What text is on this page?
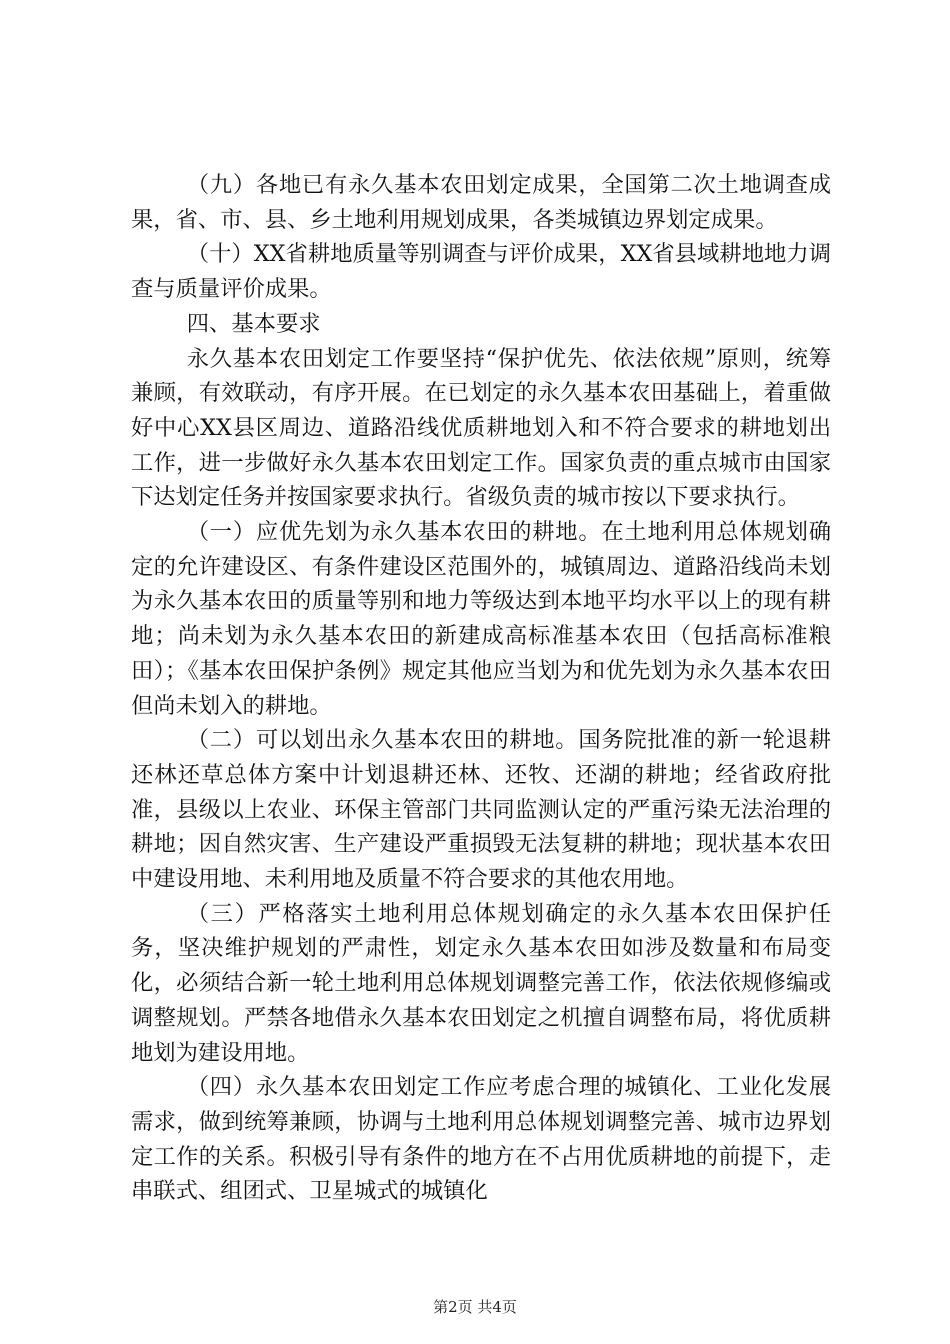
（九）各地已有永久基本农田划定成果，全国第二次土地调查成果，省、市、县、乡土地利用规划成果，各类城镇边界划定成果。

（十）XX省耕地质量等别调查与评价成果，XX省县域耕地地力调查与质量评价成果。

四、基本要求

永久基本农田划定工作要坚持“保护优先、依法依规”原则，统筹兼顾，有效联动，有序开展。在已划定的永久基本农田基础上，着重做好中心XX县区周边、道路沿线优质耕地划入和不符合要求的耕地划出工作，进一步做好永久基本农田划定工作。国家负责的重点城市由国家下达划定任务并按国家要求执行。省级负责的城市按以下要求执行。

（一）应优先划为永久基本农田的耕地。在土地利用总体规划确定的允许建设区、有条件建设区范围外的，城镇周边、道路沿线尚未划为永久基本农田的质量等别和地力等级达到本地平均水平以上的现有耕地；尚未划为永久基本农田的新建成高标准基本农田（包括高标准粮田）；《基本农田保护条例》规定其他应当划为和优先划为永久基本农田但尚未划入的耕地。

（二）可以划出永久基本农田的耕地。国务院批准的新一轮退耕还林还草总体方案中计划退耕还林、还牧、还湖的耕地；经省政府批准，县级以上农业、环保主管部门共同监测认定的严重污染无法治理的耕地；因自然灾害、生产建设严重损毁无法复耕的耕地；现状基本农田中建设用地、未利用地及质量不符合要求的其他农用地。

（三）严格落实土地利用总体规划确定的永久基本农田保护任务，坚决维护规划的严肃性，划定永久基本农田如涉及数量和布局变化，必须结合新一轮土地利用总体规划调整完善工作，依法依规修编或调整规划。严禁各地借永久基本农田划定之机擅自调整布局，将优质耕地划为建设用地。

（四）永久基本农田划定工作应考虑合理的城镇化、工业化发展需求，做到统筹兼顾，协调与土地利用总体规划调整完善、城市边界划定工作的关系。积极引导有条件的地方在不占用优质耕地的前提下，走串联式、组团式、卫星城式的城镇化

第2页 共4页
